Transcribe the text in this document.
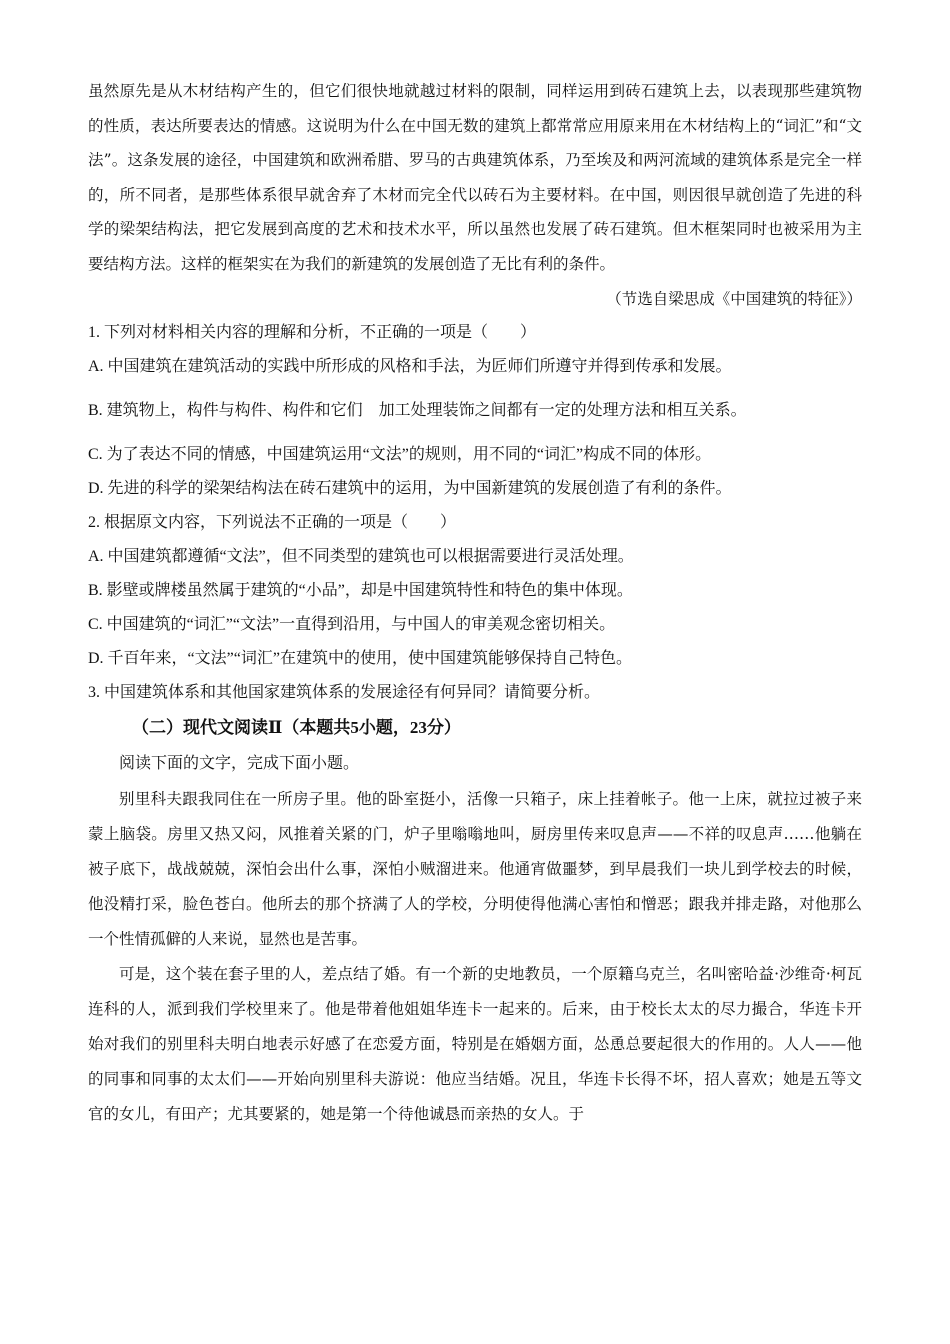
虽然原先是从木材结构产生的，但它们很快地就越过材料的限制，同样运用到砖石建筑上去，以表现那些建筑物的性质，表达所要表达的情感。这说明为什么在中国无数的建筑上都常常应用原来用在木材结构上的“词汇”和“文法”。这条发展的途径，中国建筑和欧洲希腊、罗马的古典建筑体系，乃至埃及和两河流域的建筑体系是完全一样的，所不同者，是那些体系很早就舍弃了木材而完全代以砖石为主要材料。在中国，则因很早就创造了先进的科学的梁架结构法，把它发展到高度的艺术和技术水平，所以虽然也发展了砖石建筑。但木框架同时也被采用为主要结构方法。这样的框架实在为我们的新建筑的发展创造了无比有利的条件。

（节选自梁思成《中国建筑的特征》）

1. 下列对材料相关内容的理解和分析，不正确的一项是（　　）

A. 中国建筑在建筑活动的实践中所形成的风格和手法，为匠师们所遵守并得到传承和发展。

B. 建筑物上，构件与构件、构件和它们　加工处理装饰之间都有一定的处理方法和相互关系。

C. 为了表达不同的情感，中国建筑运用“文法”的规则，用不同的“词汇”构成不同的体形。

D. 先进的科学的梁架结构法在砖石建筑中的运用，为中国新建筑的发展创造了有利的条件。

2. 根据原文内容，下列说法不正确的一项是（　　）

A. 中国建筑都遵循“文法”，但不同类型的建筑也可以根据需要进行灵活处理。

B. 影壁或牌楼虽然属于建筑的“小品”，却是中国建筑特性和特色的集中体现。

C. 中国建筑的“词汇”“文法”一直得到沿用，与中国人的审美观念密切相关。

D. 千百年来，“文法”“词汇”在建筑中的使用，使中国建筑能够保持自己特色。

3. 中国建筑体系和其他国家建筑体系的发展途径有何异同？请简要分析。

（二）现代文阅读Ⅱ（本题共5小题，23分）

阅读下面的文字，完成下面小题。

别里科夫跟我同住在一所房子里。他的卧室挺小，活像一只箱子，床上挂着帐子。他一上床，就拉过被子来蒙上脑袋。房里又热又闷，风推着关紧的门，炉子里嗡嗡地叫，厨房里传来叹息声——不祥的叹息声……他躺在被子底下，战战兢兢，深怕会出什么事，深怕小贼溜进来。他通宵做噩梦，到早晨我们一块儿到学校去的时候，他没精打采，脸色苍白。他所去的那个挤满了人的学校，分明使得他满心害怕和憎恶；跟我并排走路，对他那么一个性情孤僻的人来说，显然也是苦事。

可是，这个装在套子里的人，差点结了婚。有一个新的史地教员，一个原籍乌克兰，名叫密哈益·沙维奇·柯瓦连科的人，派到我们学校里来了。他是带着他姐姐华连卡一起来的。后来，由于校长太太的尽力撮合，华连卡开始对我们的别里科夫明白地表示好感了在恋爱方面，特别是在婚姻方面，怂恿总要起很大的作用的。人人——他的同事和同事的太太们——开始向别里科夫游说：他应当结婚。况且，华连卡长得不坏，招人喜欢；她是五等文官的女儿，有田产；尤其要紧的，她是第一个待他诚恳而亲热的女人。于
